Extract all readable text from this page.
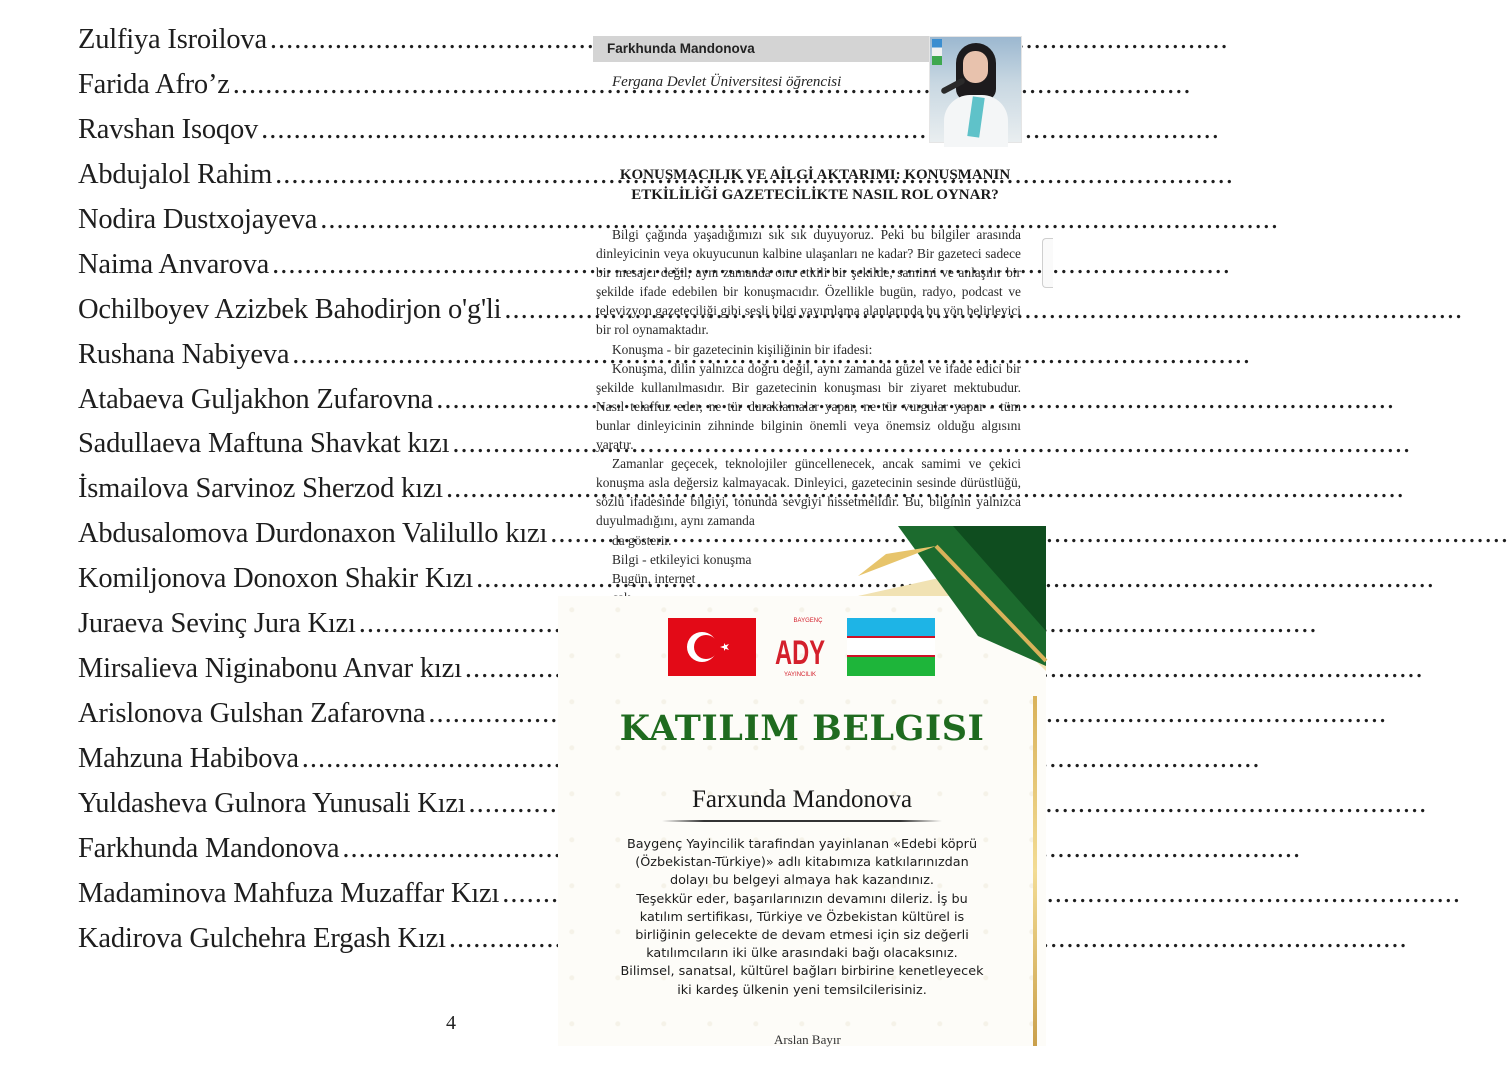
Zulfiya Isroilova .....
Farida Afro’z .....
Ravshan Isoqov .....
Abdujalol Rahim .....
Nodira Dustxojayeva .....
Naima Anvarova .....
Ochilboyev Azizbek Bahodirjon o'g'li .....
Rushana Nabiyeva .....
Atabaeva Guljakhon Zufarovna .....
Sadullaeva Maftuna Shavkat kızı .....
İsmailova Sarvinoz Sherzod kızı .....
Abdusalomova Durdonaxon Valilullo kızı .....
Komiljonova Donoxon Shakir Kızı .....
Juraeva Sevinç Jura Kızı .....
Mirsalieva Niginabonu Anvar kızı .....
Arislonova Gulshan Zafarovna .....
Mahzuna Habibova .....
Yuldasheva Gulnora Yunusali Kızı .....
Farkhunda Mandonova .....
Madaminova Mahfuza Muzaffar Kızı .....
Kadirova Gulchehra Ergash Kızı .....
4
Farkhunda Mandonova
Fergana Devlet Üniversitesi öğrencisi
KONUŞMACILIK VE AİLGİ AKTARIMI: KONUŞMANIN
ETKİLİLİĞİ GAZETECİLİKTE NASIL ROL OYNAR?

Bilgi çağında yaşadığımızı sık sık duyuyoruz. Peki bu bilgiler arasında dinleyicinin veya okuyucunun kalbine ulaşanları ne kadar? Bir gazeteci sadece bir mesajcı değil, aynı zamanda onu etkili bir şekilde, samimi ve anlaşılır bir şekilde ifade edebilen bir konuşmacıdır. Özellikle bugün, radyo, podcast ve televizyon gazeteciliği gibi sesli bilgi yayımlama alanlarında bu yön belirleyici bir rol oynamaktadır.

Konuşma - bir gazetecinin kişiliğinin bir ifadesi:

Konuşma, dilin yalnızca doğru değil, aynı zamanda güzel ve ifade edici bir şekilde kullanılmasıdır. Bir gazetecinin konuşması bir ziyaret mektubudur. Nasıl telaffuz eder, ne tür duraklamalar yapar, ne tür vurgular yapar - tüm bunlar dinleyicinin zihninde bilginin önemli veya önemsiz olduğu algısını yaratır.

Zamanlar geçecek, teknolojiler güncellenecek, ancak samimi ve çekici konuşma asla değersiz kalmayacak. Dinleyici, gazetecinin sesinde dürüstlüğü, sözlü ifadesinde bilgiyi, tonunda sevgiyi hissetmelidir. Bu, bilginin yalnızca duyulmadığını, aynı zamanda

da gösterir.

Bilgi - etkileyici konuşma

Bugün, internet

BAYGENÇ
ADY
YAYINCILIK
KATILIM BELGISI
Farxunda Mandonova
Baygenç Yayincilik tarafindan yayinlanan «Edebi köprü
(Özbekistan-Türkiye)» adlı kitabımıza katkılarınızdan
dolayı bu belgeyi almaya hak kazandınız.
Teşekkür eder, başarılarınızın devamını dileriz. İş bu
katılım sertifikası, Türkiye ve Özbekistan kültürel is
birliğinin gelecekte de devam etmesi için siz değerli
katılımcıların iki ülke arasındaki bağı olacaksınız.
Bilimsel, sanatsal, kültürel bağları birbirine kenetleyecek
iki kardeş ülkenin yeni temsilcilerisiniz.
Arslan Bayır
